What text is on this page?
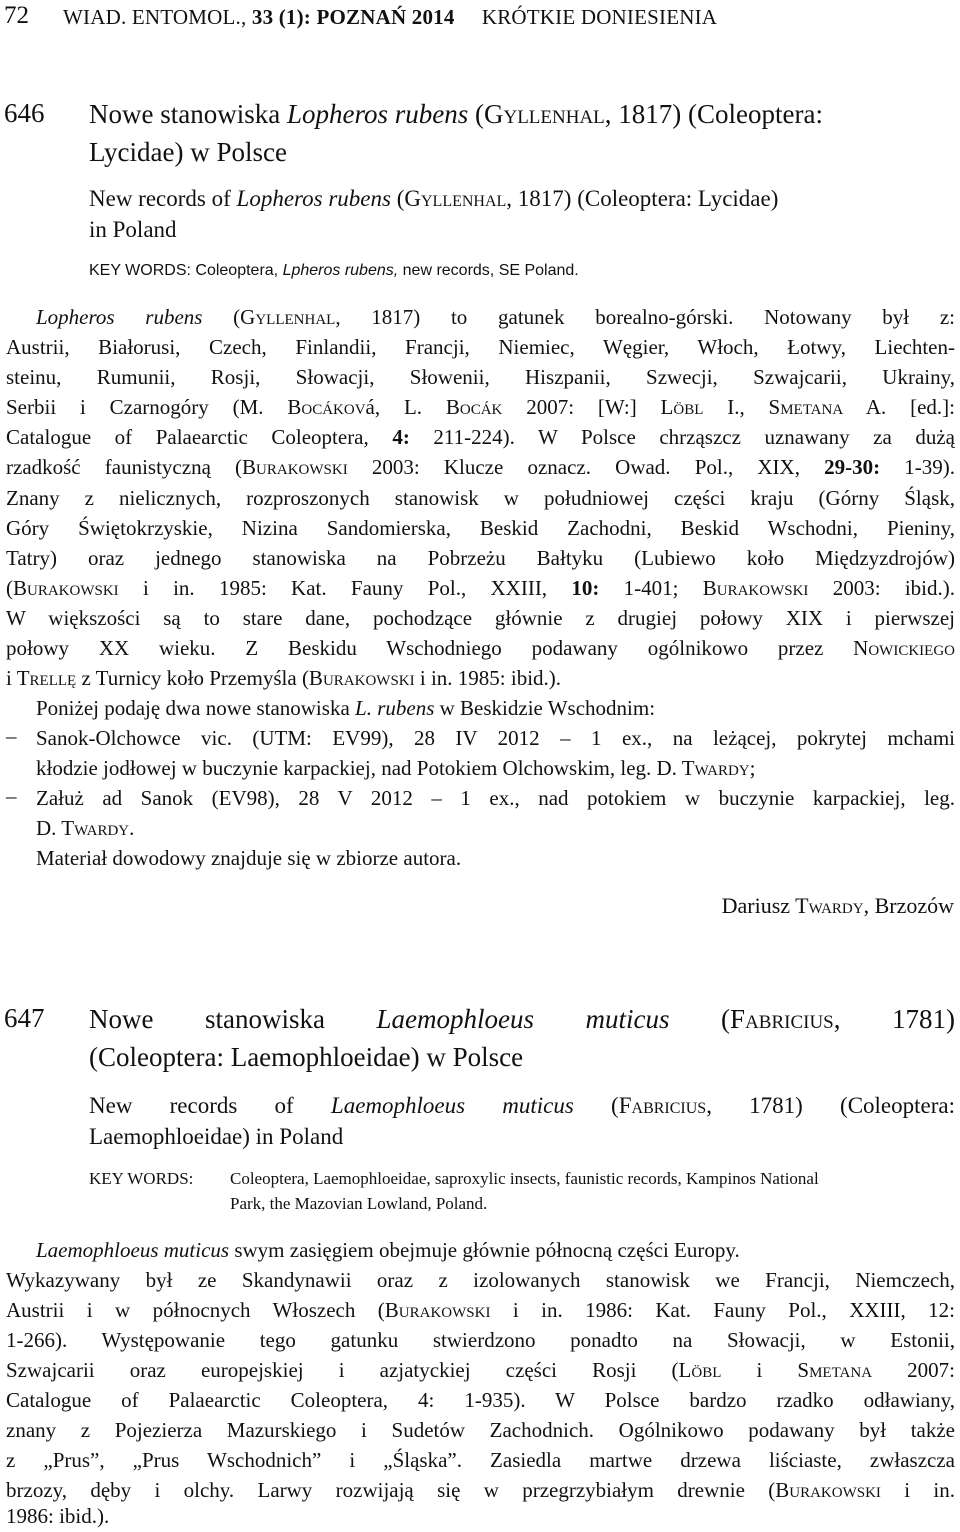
72 WIAD. ENTOMOL., 33 (1): POZNAŃ 2014 KRÓTKIE DONIESIENIA
646 Nowe stanowiska Lopheros rubens (Gyllenhal, 1817) (Coleoptera:
Lycidae) w Polsce
New records of Lopheros rubens (Gyllenhal, 1817) (Coleoptera: Lycidae)
in Poland
KEY WORDS: Coleoptera, Lpheros rubens, new records, SE Poland.
Lopheros rubens (Gyllenhal, 1817) to gatunek borealno-górski. Notowany był z:
Austrii, Białorusi, Czech, Finlandii, Francji, Niemiec, Węgier, Włoch, Łotwy, Liechten-
steinu, Rumunii, Rosji, Słowacji, Słowenii, Hiszpanii, Szwecji, Szwajcarii, Ukrainy,
Serbii i Czarnogóry (M. Bocáková, L. Bocák 2007: [W:] Löbl I., Smetana A. [ed.]:
Catalogue of Palaearctic Coleoptera, 4: 211-224). W Polsce chrząszcz uznawany za dużą
rzadkość faunistyczną (Burakowski 2003: Klucze oznacz. Owad. Pol., XIX, 29-30: 1-39).
Znany z nielicznych, rozproszonych stanowisk w południowej części kraju (Górny Śląsk,
Góry Świętokrzyskie, Nizina Sandomierska, Beskid Zachodni, Beskid Wschodni, Pieniny,
Tatry) oraz jednego stanowiska na Pobrzeżu Bałtyku (Lubiewo koło Międzyzdrojów)
(Burakowski i in. 1985: Kat. Fauny Pol., XXIII, 10: 1-401; Burakowski 2003: ibid.).
W większości są to stare dane, pochodzące głównie z drugiej połowy XIX i pierwszej
połowy XX wieku. Z Beskidu Wschodniego podawany ogólnikowo przez Nowickiego
i Trellę z Turnicy koło Przemyśla (Burakowski i in. 1985: ibid.).
Poniżej podaję dwa nowe stanowiska L. rubens w Beskidzie Wschodnim:
– Sanok-Olchowce vic. (UTM: EV99), 28 IV 2012 – 1 ex., na leżącej, pokrytej mchami
kłodzie jodłowej w buczynie karpackiej, nad Potokiem Olchowskim, leg. D. Twardy;
– Załuż ad Sanok (EV98), 28 V 2012 – 1 ex., nad potokiem w buczynie karpackiej, leg.
D. Twardy.
Materiał dowodowy znajduje się w zbiorze autora.
Dariusz Twardy, Brzozów
647 Nowe stanowiska Laemophloeus muticus (Fabricius, 1781)
(Coleoptera: Laemophloeidae) w Polsce
New records of Laemophloeus muticus (Fabricius, 1781) (Coleoptera:
Laemophloeidae) in Poland
KEY WORDS: Coleoptera, Laemophloeidae, saproxylic insects, faunistic records, Kampinos National
Park, the Mazovian Lowland, Poland.
Laemophloeus muticus swym zasięgiem obejmuje głównie północną części Europy.
Wykazywany był ze Skandynawii oraz z izolowanych stanowisk we Francji, Niemczech,
Austrii i w północnych Włoszech (Burakowski i in. 1986: Kat. Fauny Pol., XXIII, 12:
1-266). Występowanie tego gatunku stwierdzono ponadto na Słowacji, w Estonii,
Szwajcarii oraz europejskiej i azjatyckiej części Rosji (Löbl i Smetana 2007:
Catalogue of Palaearctic Coleoptera, 4: 1-935). W Polsce bardzo rzadko odławiany,
znany z Pojezierza Mazurskiego i Sudetów Zachodnich. Ogólnikowo podawany był także
z „Prus”, „Prus Wschodnich” i „Śląska”. Zasiedla martwe drzewa liściaste, zwłaszcza
brzozy, dęby i olchy. Larwy rozwijają się w przegrzybiałym drewnie (Burakowski i in.
1986: ibid.).
